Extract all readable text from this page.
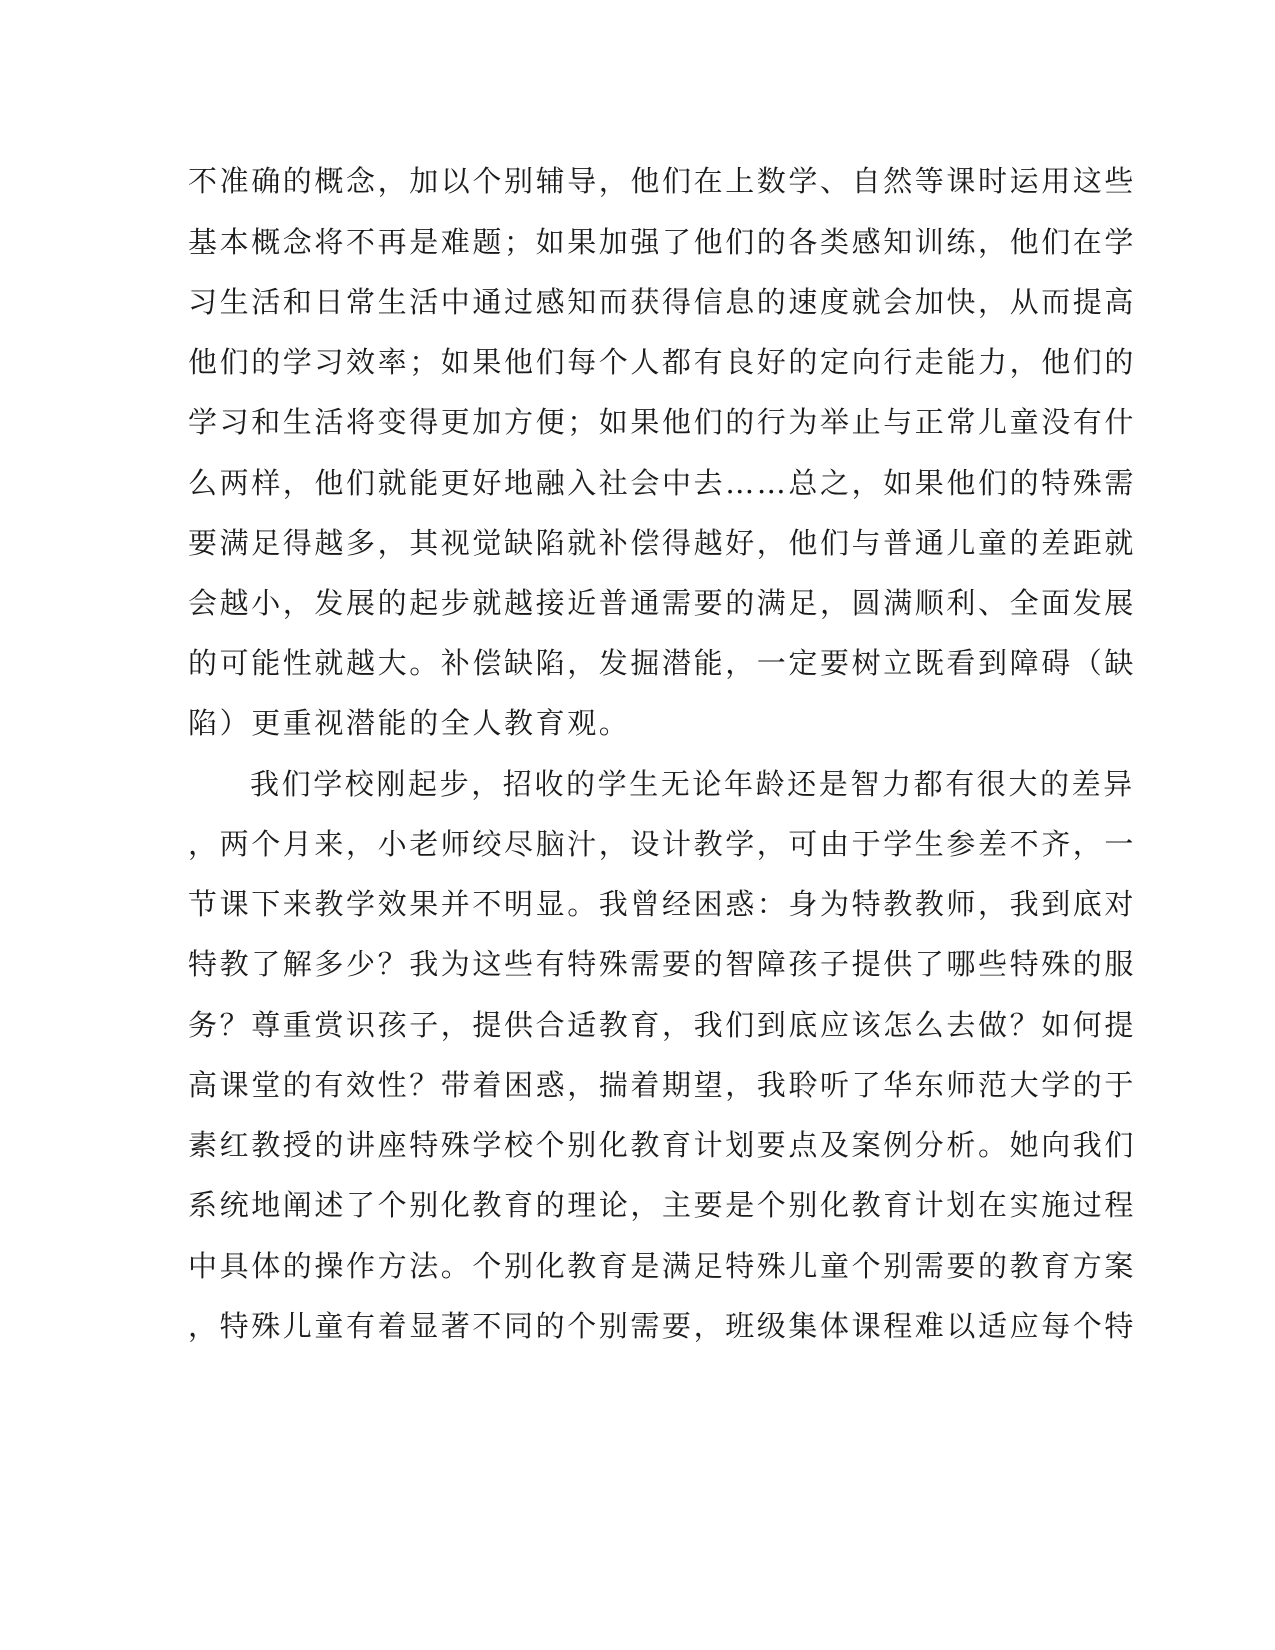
不准确的概念，加以个别辅导，他们在上数学、自然等课时运用这些
基本概念将不再是难题；如果加强了他们的各类感知训练，他们在学
习生活和日常生活中通过感知而获得信息的速度就会加快，从而提高
他们的学习效率；如果他们每个人都有良好的定向行走能力，他们的
学习和生活将变得更加方便；如果他们的行为举止与正常儿童没有什
么两样，他们就能更好地融入社会中去……总之，如果他们的特殊需
要满足得越多，其视觉缺陷就补偿得越好，他们与普通儿童的差距就
会越小，发展的起步就越接近普通需要的满足，圆满顺利、全面发展
的可能性就越大。补偿缺陷，发掘潜能，一定要树立既看到障碍（缺
陷）更重视潜能的全人教育观。
我们学校刚起步，招收的学生无论年龄还是智力都有很大的差异
，两个月来，小老师绞尽脑汁，设计教学，可由于学生参差不齐，一
节课下来教学效果并不明显。我曾经困惑：身为特教教师，我到底对
特教了解多少？我为这些有特殊需要的智障孩子提供了哪些特殊的服
务？尊重赏识孩子，提供合适教育，我们到底应该怎么去做？如何提
高课堂的有效性？带着困惑，揣着期望，我聆听了华东师范大学的于
素红教授的讲座特殊学校个别化教育计划要点及案例分析。她向我们
系统地阐述了个别化教育的理论，主要是个别化教育计划在实施过程
中具体的操作方法。个别化教育是满足特殊儿童个别需要的教育方案
，特殊儿童有着显著不同的个别需要，班级集体课程难以适应每个特
